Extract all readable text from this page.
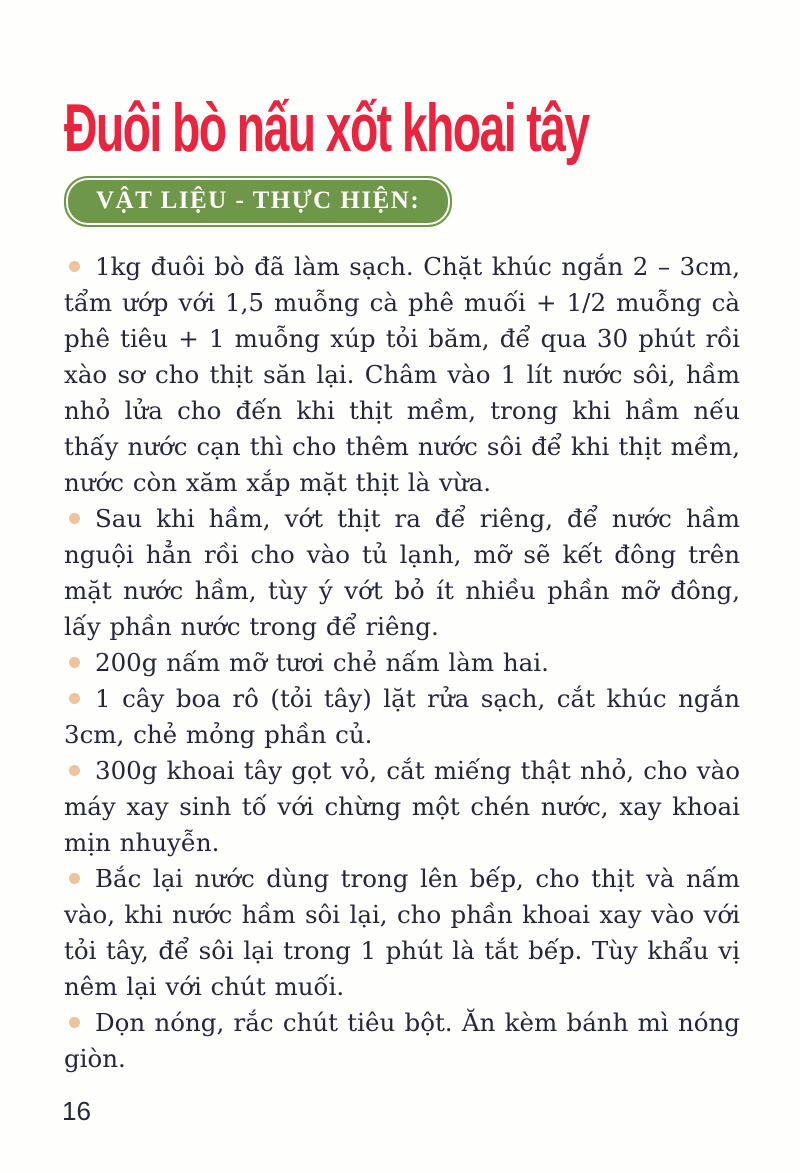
Đuôi bò nấu xốt khoai tây
VẬT LIỆU - THỰC HIỆN:

1kg đuôi bò đã làm sạch. Chặt khúc ngắn 2 – 3cm, tẩm ướp với 1,5 muỗng cà phê muối + 1/2 muỗng cà phê tiêu + 1 muỗng xúp tỏi băm, để qua 30 phút rồi xào sơ cho thịt săn lại. Châm vào 1 lít nước sôi, hầm nhỏ lửa cho đến khi thịt mềm, trong khi hầm nếu thấy nước cạn thì cho thêm nước sôi để khi thịt mềm, nước còn xăm xắp mặt thịt là vừa.

Sau khi hầm, vớt thịt ra để riêng, để nước hầm nguội hẳn rồi cho vào tủ lạnh, mỡ sẽ kết đông trên mặt nước hầm, tùy ý vớt bỏ ít nhiều phần mỡ đông, lấy phần nước trong để riêng.

200g nấm mỡ tươi chẻ nấm làm hai.

1 cây boa rô (tỏi tây) lặt rửa sạch, cắt khúc ngắn 3cm, chẻ mỏng phần củ.

300g khoai tây gọt vỏ, cắt miếng thật nhỏ, cho vào máy xay sinh tố với chừng một chén nước, xay khoai mịn nhuyễn.

Bắc lại nước dùng trong lên bếp, cho thịt và nấm vào, khi nước hầm sôi lại, cho phần khoai xay vào với tỏi tây, để sôi lại trong 1 phút là tắt bếp. Tùy khẩu vị nêm lại với chút muối.

Dọn nóng, rắc chút tiêu bột. Ăn kèm bánh mì nóng giòn.

16
